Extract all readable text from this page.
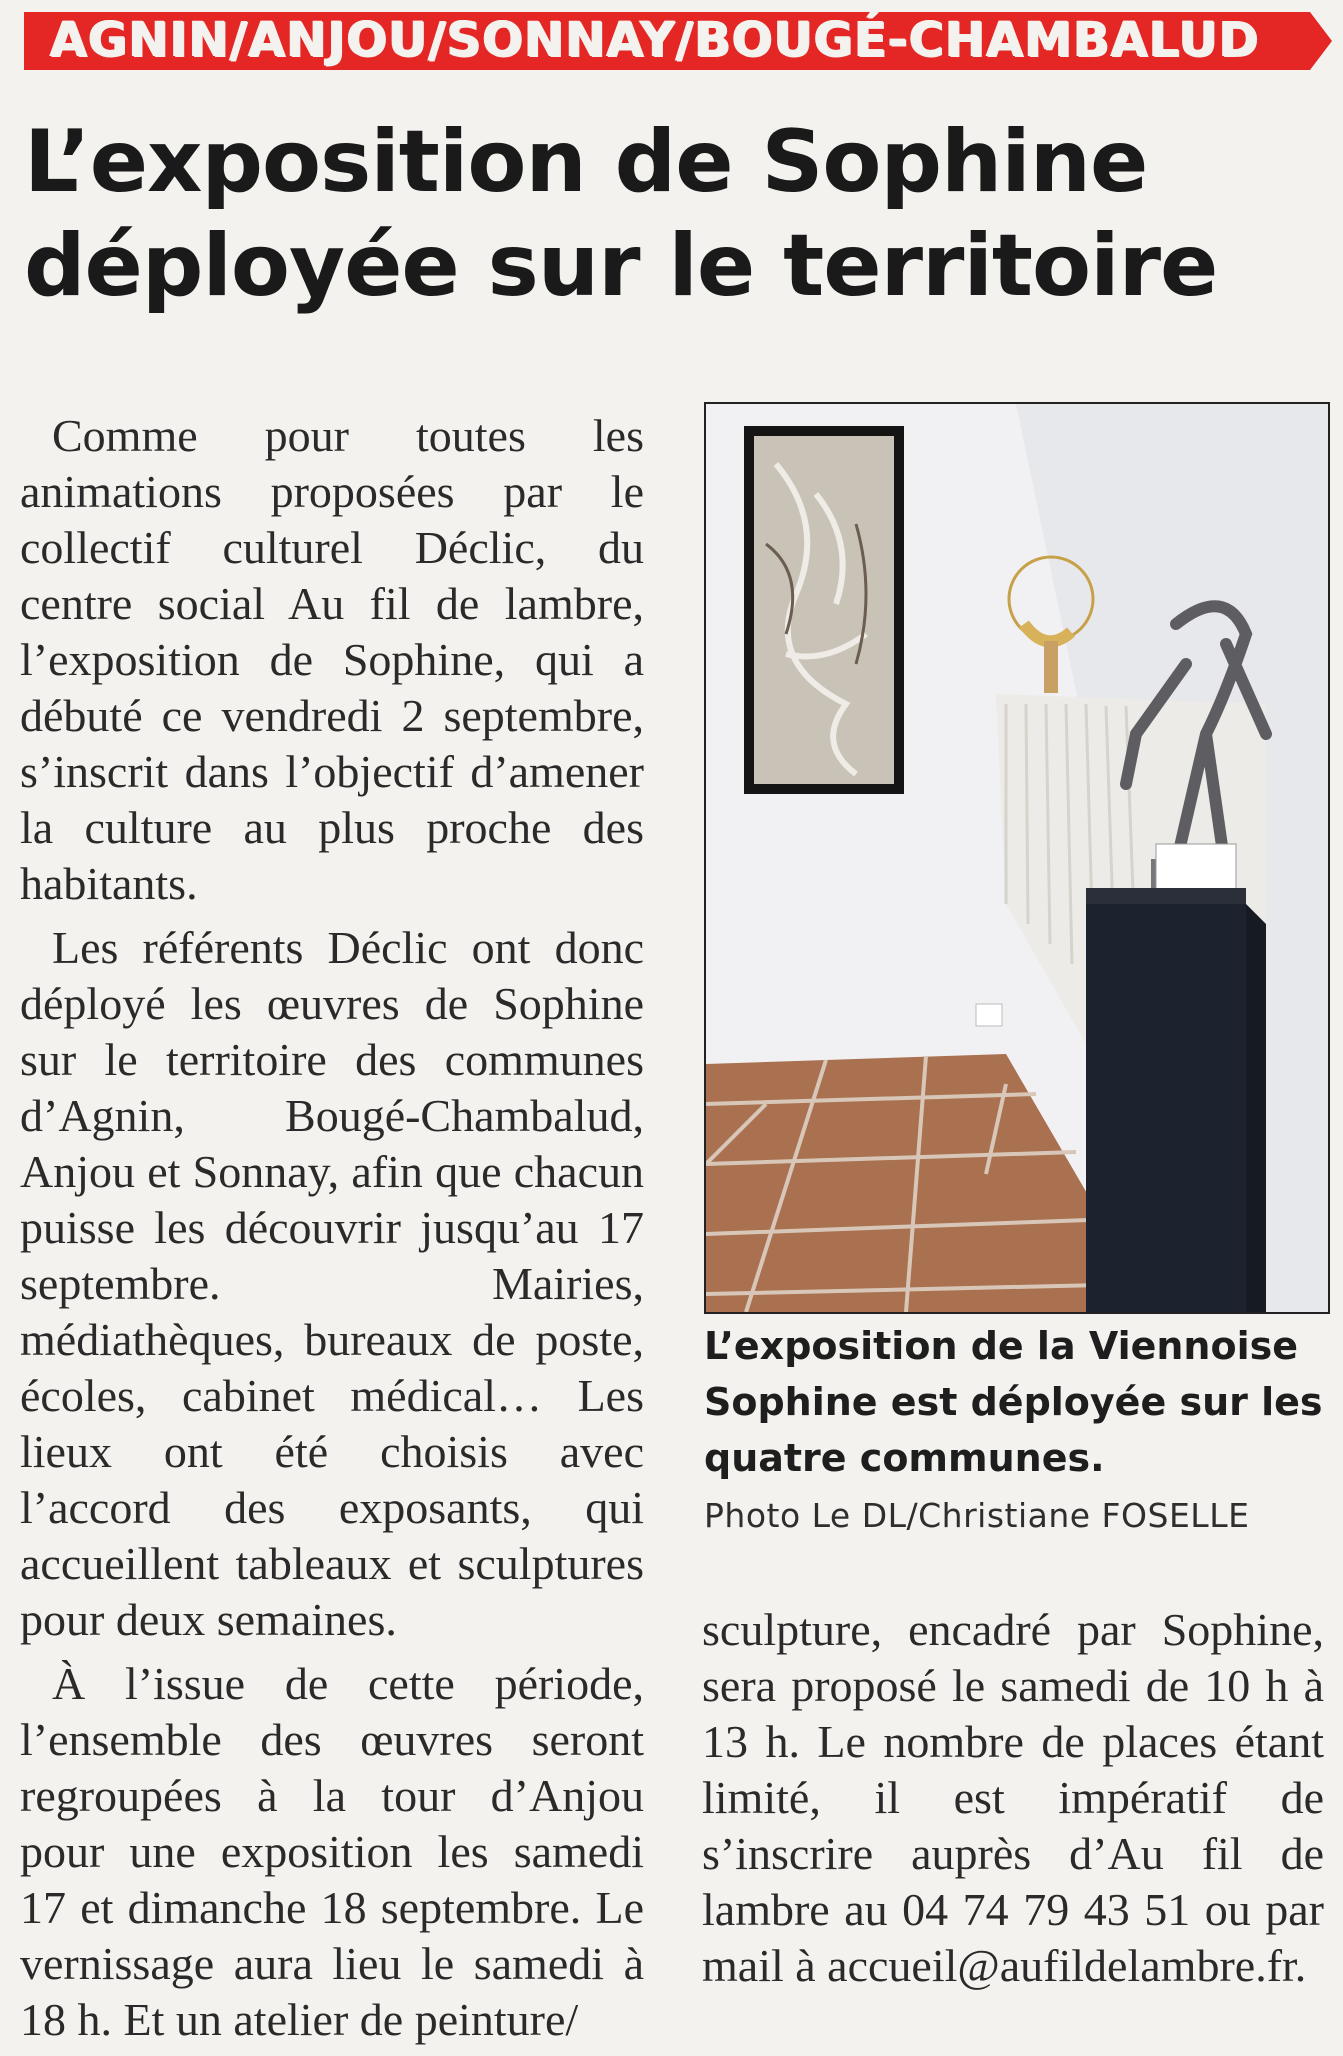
AGNIN/ANJOU/SONNAY/BOUGÉ-CHAMBALUD
L’exposition de Sophine
déployée sur le territoire

Comme pour toutes les animations proposées par le collectif culturel Déclic, du centre social Au fil de lambre, l’exposition de Sophine, qui a débuté ce vendredi 2 septembre, s’inscrit dans l’objectif d’amener la culture au plus proche des habitants.

Les référents Déclic ont donc déployé les œuvres de Sophine sur le territoire des communes d’Agnin, Bougé-Chambalud, Anjou et Sonnay, afin que chacun puisse les découvrir jusqu’au 17 septembre. Mairies, médiathèques, bureaux de poste, écoles, cabinet médical… Les lieux ont été choisis avec l’accord des exposants, qui accueillent tableaux et sculptures pour deux semaines.

À l’issue de cette période, l’ensemble des œuvres seront regroupées à la tour d’Anjou pour une exposition les samedi 17 et dimanche 18 septembre. Le vernissage aura lieu le samedi à 18 h. Et un atelier de peinture/

L’exposition de la Viennoise Sophine est déployée sur les quatre communes.
Photo Le DL/Christiane FOSELLE

sculpture, encadré par Sophine, sera proposé le samedi de 10 h à 13 h. Le nombre de places étant limité, il est impératif de s’inscrire auprès d’Au fil de lambre au 04 74 79 43 51 ou par mail à accueil@aufildelambre.fr.
